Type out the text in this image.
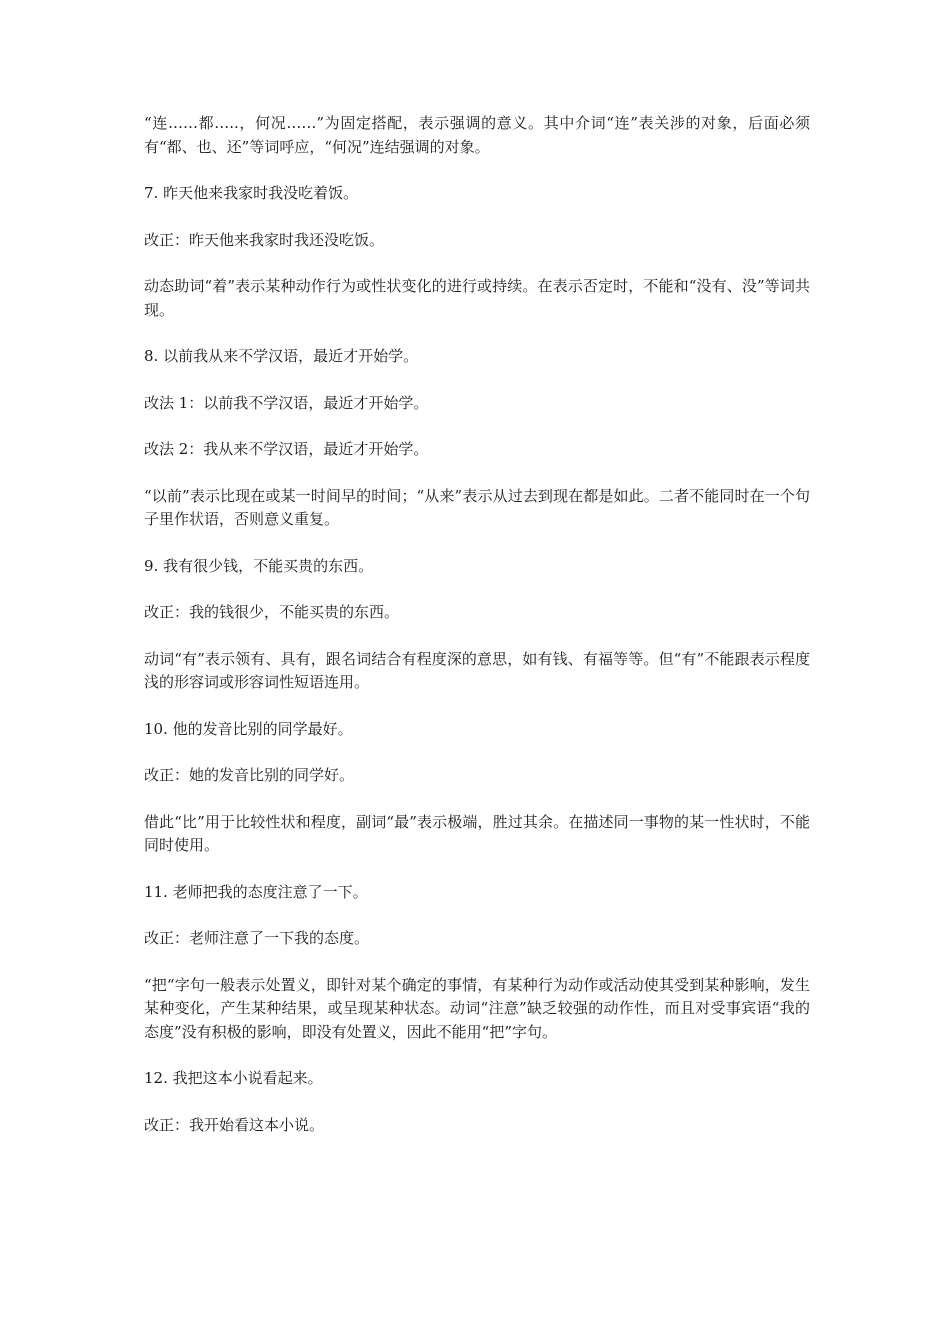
“连……都…..，何况……”为固定搭配，表示强调的意义。其中介词“连”表关涉的对象，后面必须有“都、也、还”等词呼应，“何况”连结强调的对象。

7. 昨天他来我家时我没吃着饭。

改正：昨天他来我家时我还没吃饭。

动态助词“着”表示某种动作行为或性状变化的进行或持续。在表示否定时，不能和“没有、没”等词共现。

8. 以前我从来不学汉语，最近才开始学。

改法 1：以前我不学汉语，最近才开始学。

改法 2：我从来不学汉语，最近才开始学。

“以前”表示比现在或某一时间早的时间；“从来”表示从过去到现在都是如此。二者不能同时在一个句子里作状语，否则意义重复。

9. 我有很少钱，不能买贵的东西。

改正：我的钱很少，不能买贵的东西。

动词“有”表示领有、具有，跟名词结合有程度深的意思，如有钱、有福等等。但“有”不能跟表示程度浅的形容词或形容词性短语连用。

10. 他的发音比别的同学最好。

改正：她的发音比别的同学好。

借此“比”用于比较性状和程度，副词“最”表示极端，胜过其余。在描述同一事物的某一性状时，不能同时使用。

11. 老师把我的态度注意了一下。

改正：老师注意了一下我的态度。

“把“字句一般表示处置义，即针对某个确定的事情，有某种行为动作或活动使其受到某种影响，发生某种变化，产生某种结果，或呈现某种状态。动词“注意”缺乏较强的动作性，而且对受事宾语“我的态度”没有积极的影响，即没有处置义，因此不能用“把”字句。

12. 我把这本小说看起来。

改正：我开始看这本小说。
